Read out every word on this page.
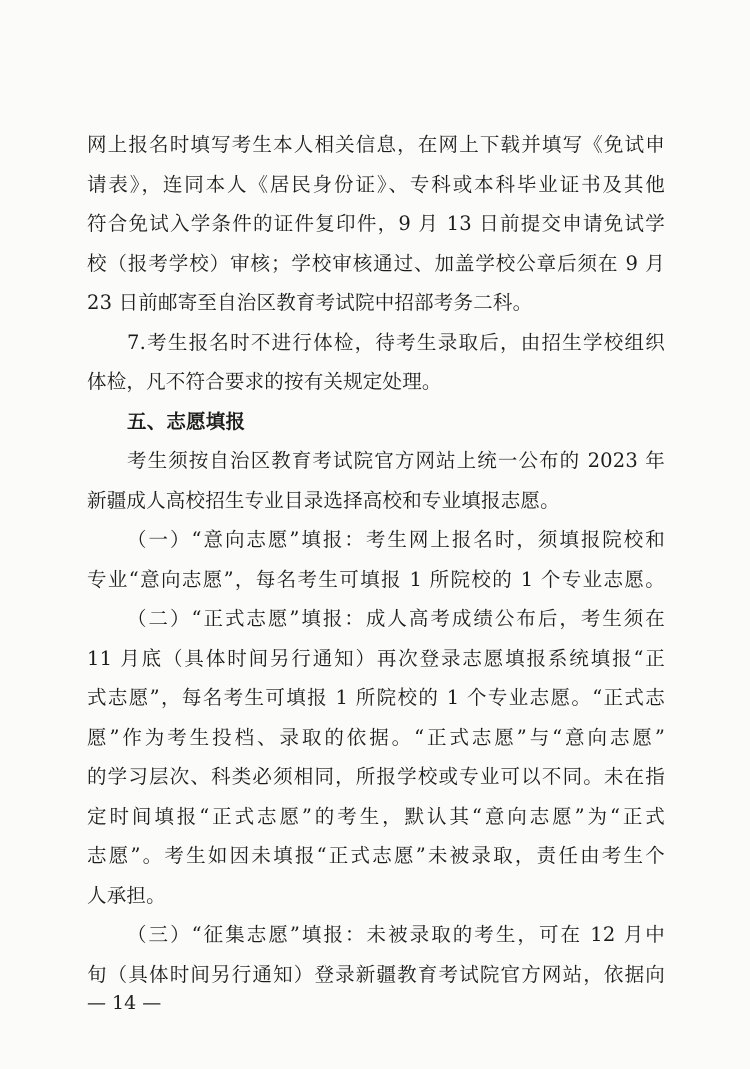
网上报名时填写考生本人相关信息，在网上下载并填写《免试申
请表》，连同本人《居民身份证》、专科或本科毕业证书及其他
符合免试入学条件的证件复印件，9 月 13 日前提交申请免试学
校（报考学校）审核；学校审核通过、加盖学校公章后须在 9 月
23 日前邮寄至自治区教育考试院中招部考务二科。
7.考生报名时不进行体检，待考生录取后，由招生学校组织
体检，凡不符合要求的按有关规定处理。
五、志愿填报
考生须按自治区教育考试院官方网站上统一公布的 2023 年
新疆成人高校招生专业目录选择高校和专业填报志愿。
（一）“意向志愿”填报：考生网上报名时，须填报院校和
专业“意向志愿”，每名考生可填报 1 所院校的 1 个专业志愿。
（二）“正式志愿”填报：成人高考成绩公布后，考生须在
11 月底（具体时间另行通知）再次登录志愿填报系统填报“正
式志愿”，每名考生可填报 1 所院校的 1 个专业志愿。“正式志
愿”作为考生投档、录取的依据。“正式志愿”与“意向志愿”
的学习层次、科类必须相同，所报学校或专业可以不同。未在指
定时间填报“正式志愿”的考生，默认其“意向志愿”为“正式
志愿”。考生如因未填报“正式志愿”未被录取，责任由考生个
人承担。
（三）“征集志愿”填报：未被录取的考生，可在 12 月中
旬（具体时间另行通知）登录新疆教育考试院官方网站，依据向
— 14 —
